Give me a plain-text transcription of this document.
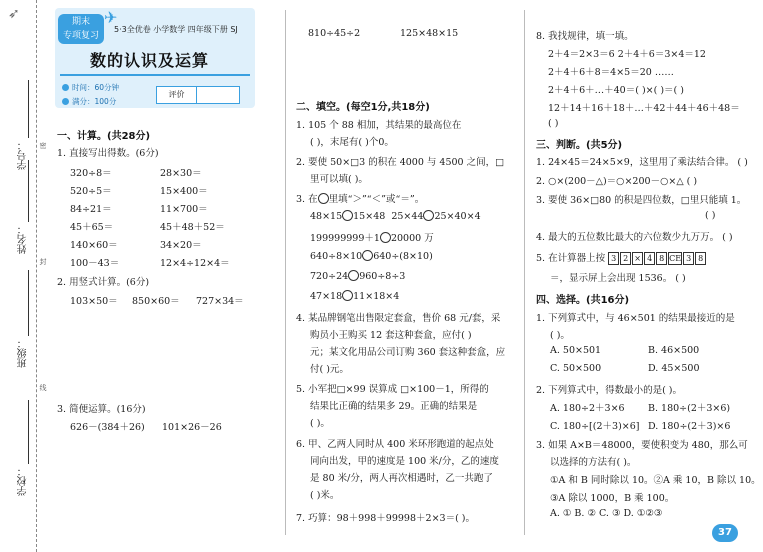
➶
学号：
姓名：
班级：
学校：
密
封
线
期末
专项复习
✈
5·3全优卷 小学数学 四年级下册 SJ
数的认识及运算
时间：60分钟
满分：100分
评价
一、计算。(共28分)
1. 直接写出得数。(6分)
320÷8＝	28×30＝
520÷5＝	15×400＝
84÷21＝	11×700＝
45＋65＝	45＋48＋52＝
140×60＝	34×20＝
100－43＝	12×4÷12×4＝
2. 用竖式计算。(6分)
103×50＝ 850×60＝ 727×34＝
3. 简便运算。(16分)
626－(384＋26) 101×26－26
810÷45÷2	125×48×15
二、填空。(每空1分,共18分)
1. 105 个 88 相加，其结果的最高位在
( )，末尾有( )个0。
2. 要使 50×□3 的积在 4000 与 4500 之间，□
里可以填( )。
3. 在 里填“＞”“＜”或“＝”。
48×15 15×48 25×44 25×40×4
199999999＋1 20000 万
640÷8×10 640÷(8×10)
720÷24 960÷8÷3
47×18 11×18×4
4. 某品牌钢笔出售限定套盒，售价 68 元/套，采
购员小王购买 12 套这种套盒，应付( )
元；某文化用品公司订购 360 套这种套盒，应
付( )元。
5. 小军把□×99 误算成 □×100－1，所得的
结果比正确的结果多 29。正确的结果是
( )。
6. 甲、乙两人同时从 400 米环形跑道的起点处
同向出发，甲的速度是 100 米/分，乙的速度
是 80 米/分，两人再次相遇时，乙一共跑了
( )米。
7. 巧算：98＋998＋99998＋2×3＝( )。
8. 我找规律，填一填。
2＋4＝2×3＝6 2＋4＋6＝3×4＝12
2＋4＋6＋8＝4×5＝20 ……
2＋4＋6＋…＋40＝( )×( )＝( )
12＋14＋16＋18＋…＋42＋44＋46＋48＝
( )
三、判断。(共5分)
1. 24×45＝24×5×9，这里用了乘法结合律。 ( )
2. ○×(200－△)＝○×200－○×△ ( )
3. 要使 36×□80 的积是四位数，□里只能填 1。
( )
4. 最大的五位数比最大的六位数少九万万。 ( )
5. 在计算器上按 3 2 × 4 8 CE 3 8
＝，显示屏上会出现 1536。 ( )
四、选择。(共16分)
1. 下列算式中，与 46×501 的结果最接近的是
( )。
A. 50×501	B. 46×500
C. 50×500	D. 45×500
2. 下列算式中，得数最小的是( )。
A. 180÷2＋3×6 B. 180÷(2＋3×6)
C. 180÷[(2＋3)×6] D. 180÷(2＋3)×6
3. 如果 A×B＝48000，要使积变为 480，那么可
以选择的方法有( )。
①A 和 B 同时除以 10。②A 乘 10，B 除以 10。
③A 除以 1000，B 乘 100。
A. ① B. ② C. ③ D. ①②③
37
